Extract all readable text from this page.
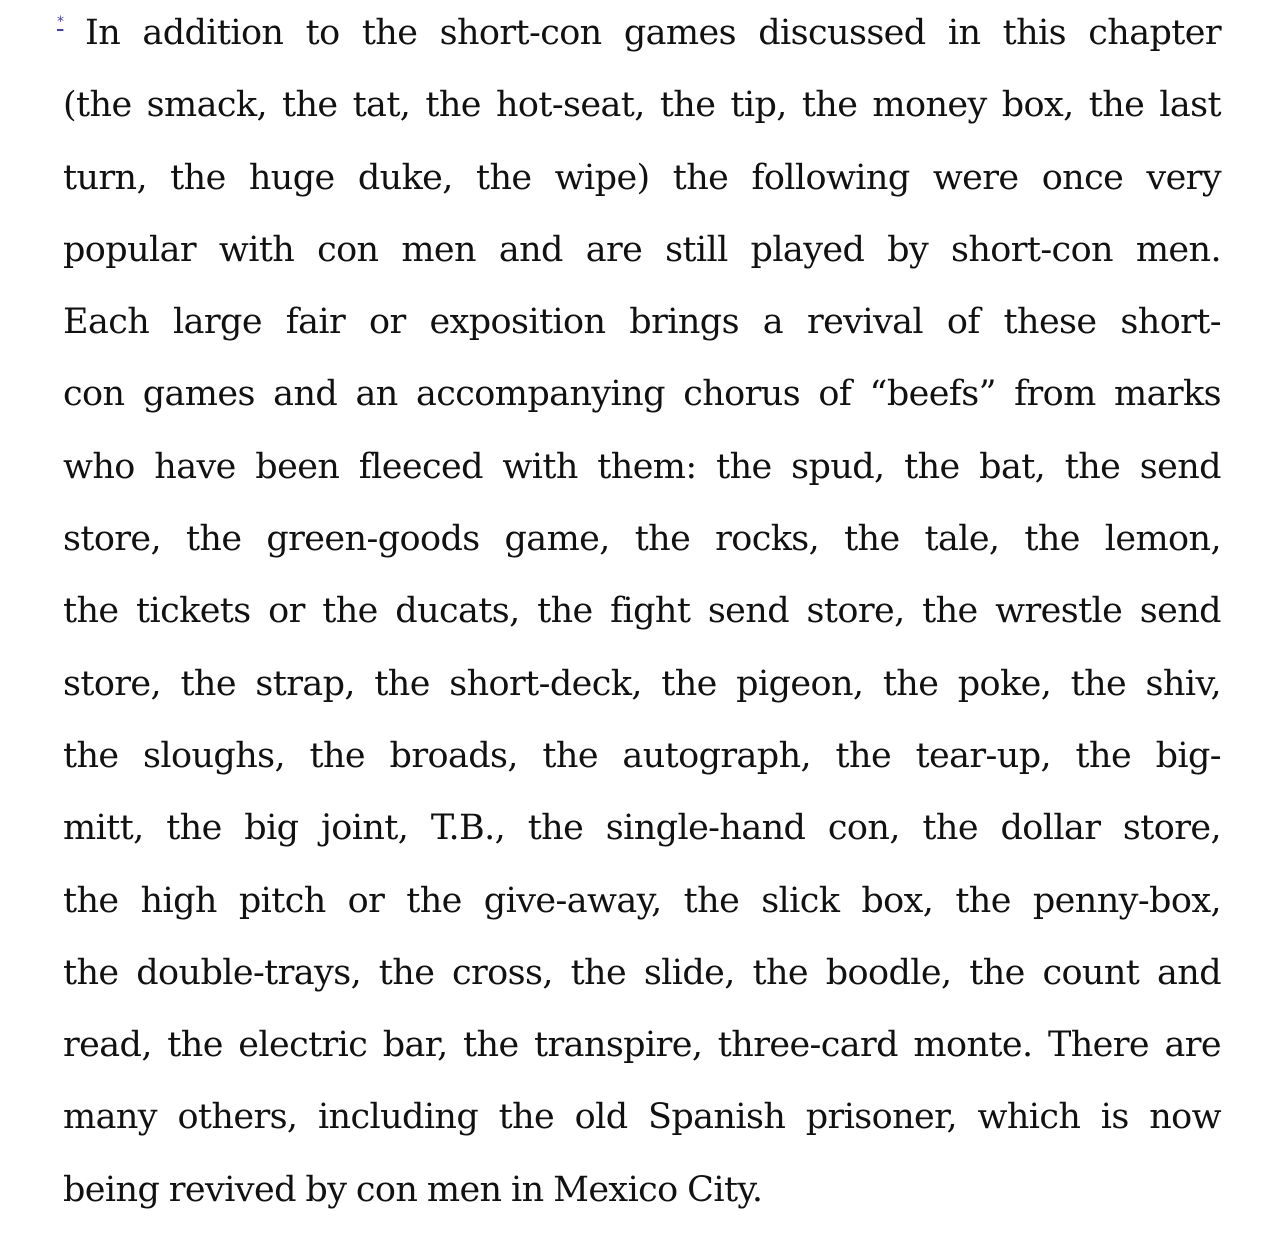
* In addition to the short-con games discussed in this chapter
(the smack, the tat, the hot-seat, the tip, the money box, the last
turn, the huge duke, the wipe) the following were once very
popular with con men and are still played by short-con men.
Each large fair or exposition brings a revival of these short-
con games and an accompanying chorus of “beefs” from marks
who have been fleeced with them: the spud, the bat, the send
store, the green-goods game, the rocks, the tale, the lemon,
the tickets or the ducats, the fight send store, the wrestle send
store, the strap, the short-deck, the pigeon, the poke, the shiv,
the sloughs, the broads, the autograph, the tear-up, the big-
mitt, the big joint, T.B., the single-hand con, the dollar store,
the high pitch or the give-away, the slick box, the penny-box,
the double-trays, the cross, the slide, the boodle, the count and
read, the electric bar, the transpire, three-card monte. There are
many others, including the old Spanish prisoner, which is now
being revived by con men in Mexico City.
